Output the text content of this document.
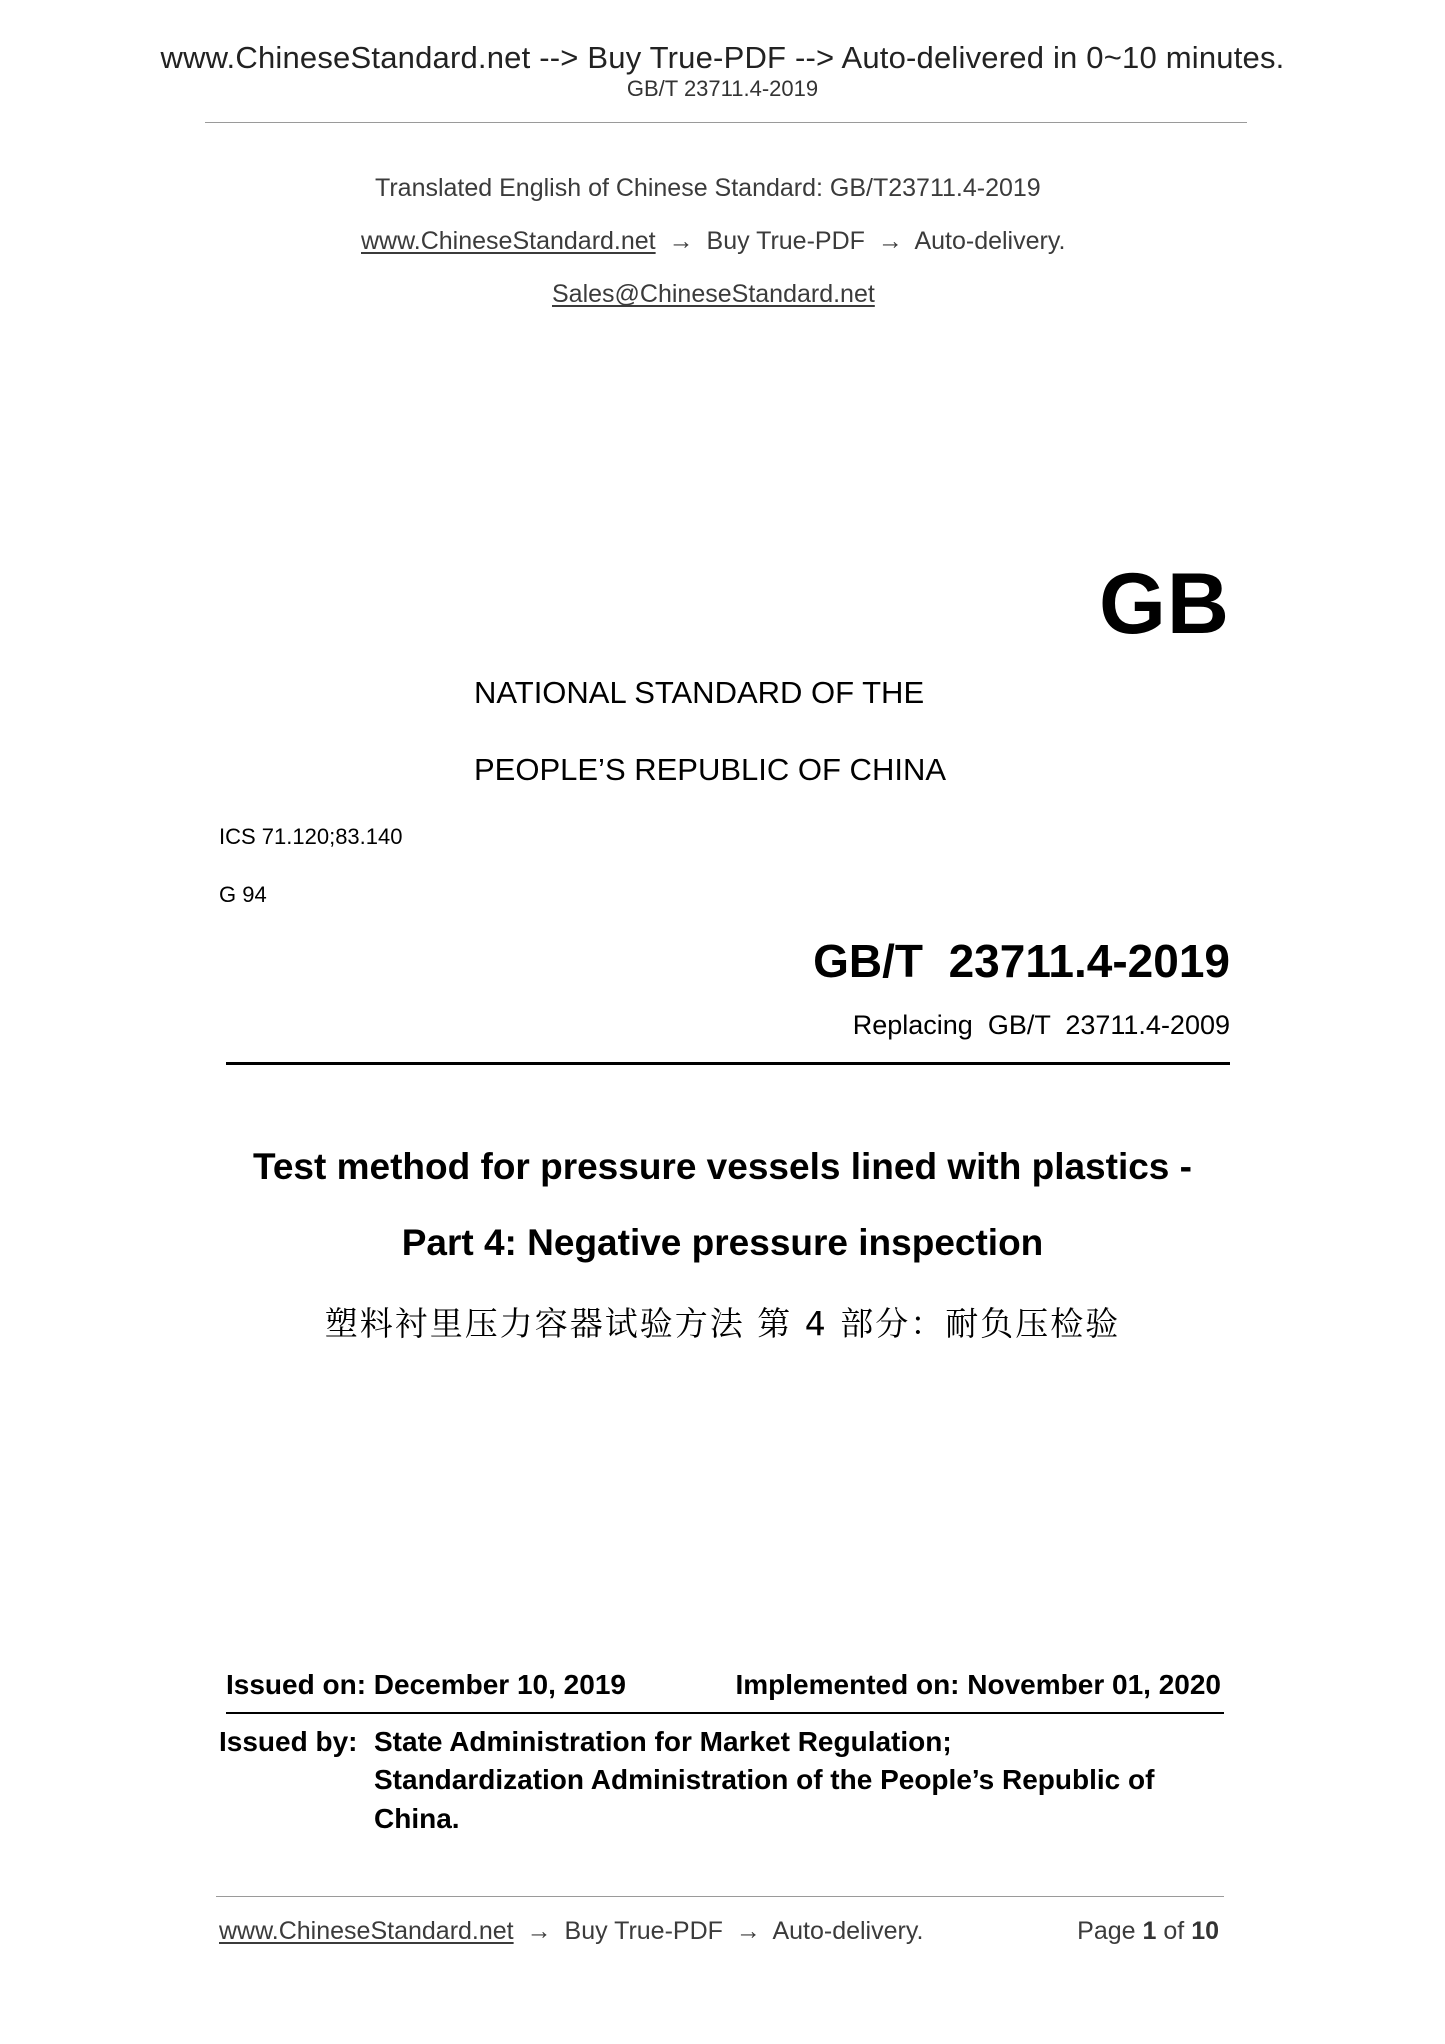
www.ChineseStandard.net --> Buy True-PDF --> Auto-delivered in 0~10 minutes.
GB/T 23711.4-2019
Translated English of Chinese Standard: GB/T23711.4-2019
www.ChineseStandard.net → Buy True-PDF → Auto-delivery.
Sales@ChineseStandard.net
GB
NATIONAL STANDARD OF THE
PEOPLE’S REPUBLIC OF CHINA
ICS 71.120;83.140
G 94
GB/T  23711.4-2019
Replacing  GB/T  23711.4-2009
Test method for pressure vessels lined with plastics -
Part 4: Negative pressure inspection
塑料衬里压力容器试验方法 第 4 部分：耐负压检验
Issued on: December 10, 2019	Implemented on: November 01, 2020
Issued by: State Administration for Market Regulation;
Standardization Administration of the People’s Republic of
China.
www.ChineseStandard.net → Buy True-PDF → Auto-delivery.	Page 1 of 10
